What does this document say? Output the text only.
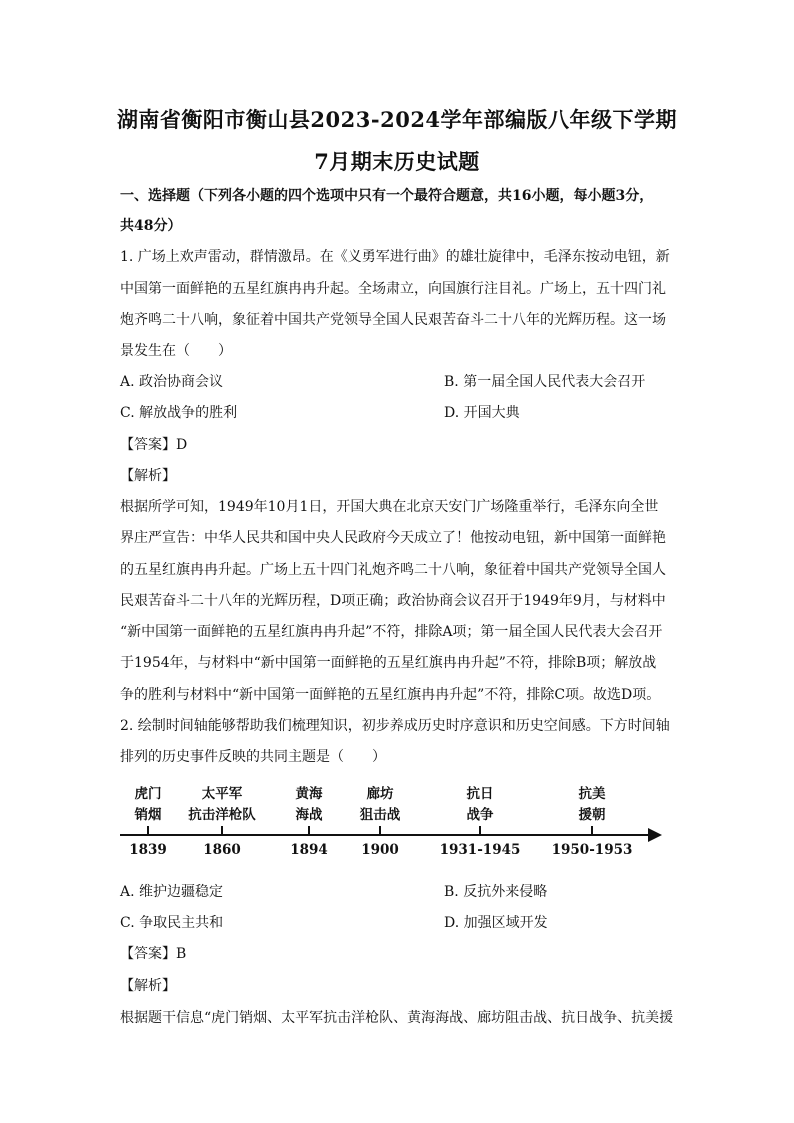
湖南省衡阳市衡山县2023-2024学年部编版八年级下学期
7月期末历史试题
一、选择题（下列各小题的四个选项中只有一个最符合题意，共16小题，每小题3分，
共48分）
1. 广场上欢声雷动，群情激昂。在《义勇军进行曲》的雄壮旋律中，毛泽东按动电钮，新
中国第一面鲜艳的五星红旗冉冉升起。全场肃立，向国旗行注目礼。广场上，五十四门礼
炮齐鸣二十八响，象征着中国共产党领导全国人民艰苦奋斗二十八年的光辉历程。这一场
景发生在（　　）
A. 政治协商会议	B. 第一届全国人民代表大会召开
C. 解放战争的胜利	D. 开国大典
【答案】D
【解析】
根据所学可知，1949年10月1日，开国大典在北京天安门广场隆重举行，毛泽东向全世
界庄严宣告：中华人民共和国中央人民政府今天成立了！他按动电钮，新中国第一面鲜艳
的五星红旗冉冉升起。广场上五十四门礼炮齐鸣二十八响，象征着中国共产党领导全国人
民艰苦奋斗二十八年的光辉历程，D项正确；政治协商会议召开于1949年9月，与材料中
“新中国第一面鲜艳的五星红旗冉冉升起”不符，排除A项；第一届全国人民代表大会召开
于1954年，与材料中“新中国第一面鲜艳的五星红旗冉冉升起”不符，排除B项；解放战
争的胜利与材料中“新中国第一面鲜艳的五星红旗冉冉升起”不符，排除C项。故选D项。
2. 绘制时间轴能够帮助我们梳理知识，初步养成历史时序意识和历史空间感。下方时间轴
排列的历史事件反映的共同主题是（　　）
虎门
销烟
太平军
抗击洋枪队
黄海
海战
廊坊
狙击战
抗日
战争
抗美
援朝
1839	1860	1894	1900	1931-1945	1950-1953
A. 维护边疆稳定	B. 反抗外来侵略
C. 争取民主共和	D. 加强区域开发
【答案】B
【解析】
根据题干信息“虎门销烟、太平军抗击洋枪队、黄海海战、廊坊阻击战、抗日战争、抗美援
